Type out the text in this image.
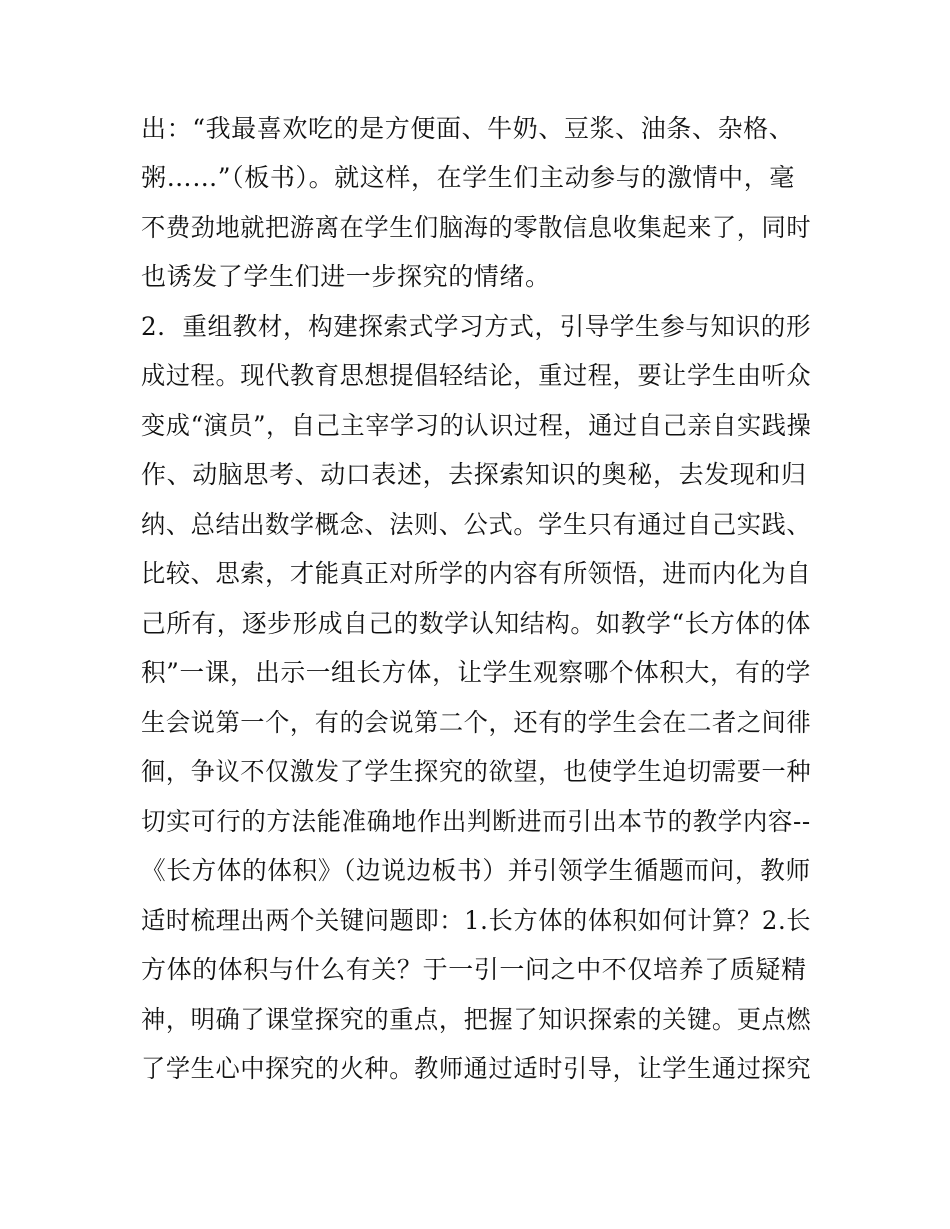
出：“我最喜欢吃的是方便面、牛奶、豆浆、油条、杂格、
粥……”（板书）。就这样，在学生们主动参与的激情中，毫
不费劲地就把游离在学生们脑海的零散信息收集起来了，同时
也诱发了学生们进一步探究的情绪。
2．重组教材，构建探索式学习方式，引导学生参与知识的形
成过程。现代教育思想提倡轻结论，重过程，要让学生由听众
变成“演员”，自己主宰学习的认识过程，通过自己亲自实践操
作、动脑思考、动口表述，去探索知识的奥秘，去发现和归
纳、总结出数学概念、法则、公式。学生只有通过自己实践、
比较、思索，才能真正对所学的内容有所领悟，进而内化为自
己所有，逐步形成自己的数学认知结构。如教学“长方体的体
积”一课，出示一组长方体，让学生观察哪个体积大，有的学
生会说第一个，有的会说第二个，还有的学生会在二者之间徘
徊，争议不仅激发了学生探究的欲望，也使学生迫切需要一种
切实可行的方法能准确地作出判断进而引出本节的教学内容--
《长方体的体积》（边说边板书）并引领学生循题而问，教师
适时梳理出两个关键问题即：1.长方体的体积如何计算？2.长
方体的体积与什么有关？于一引一问之中不仅培养了质疑精
神，明确了课堂探究的重点，把握了知识探索的关键。更点燃
了学生心中探究的火种。教师通过适时引导，让学生通过探究
